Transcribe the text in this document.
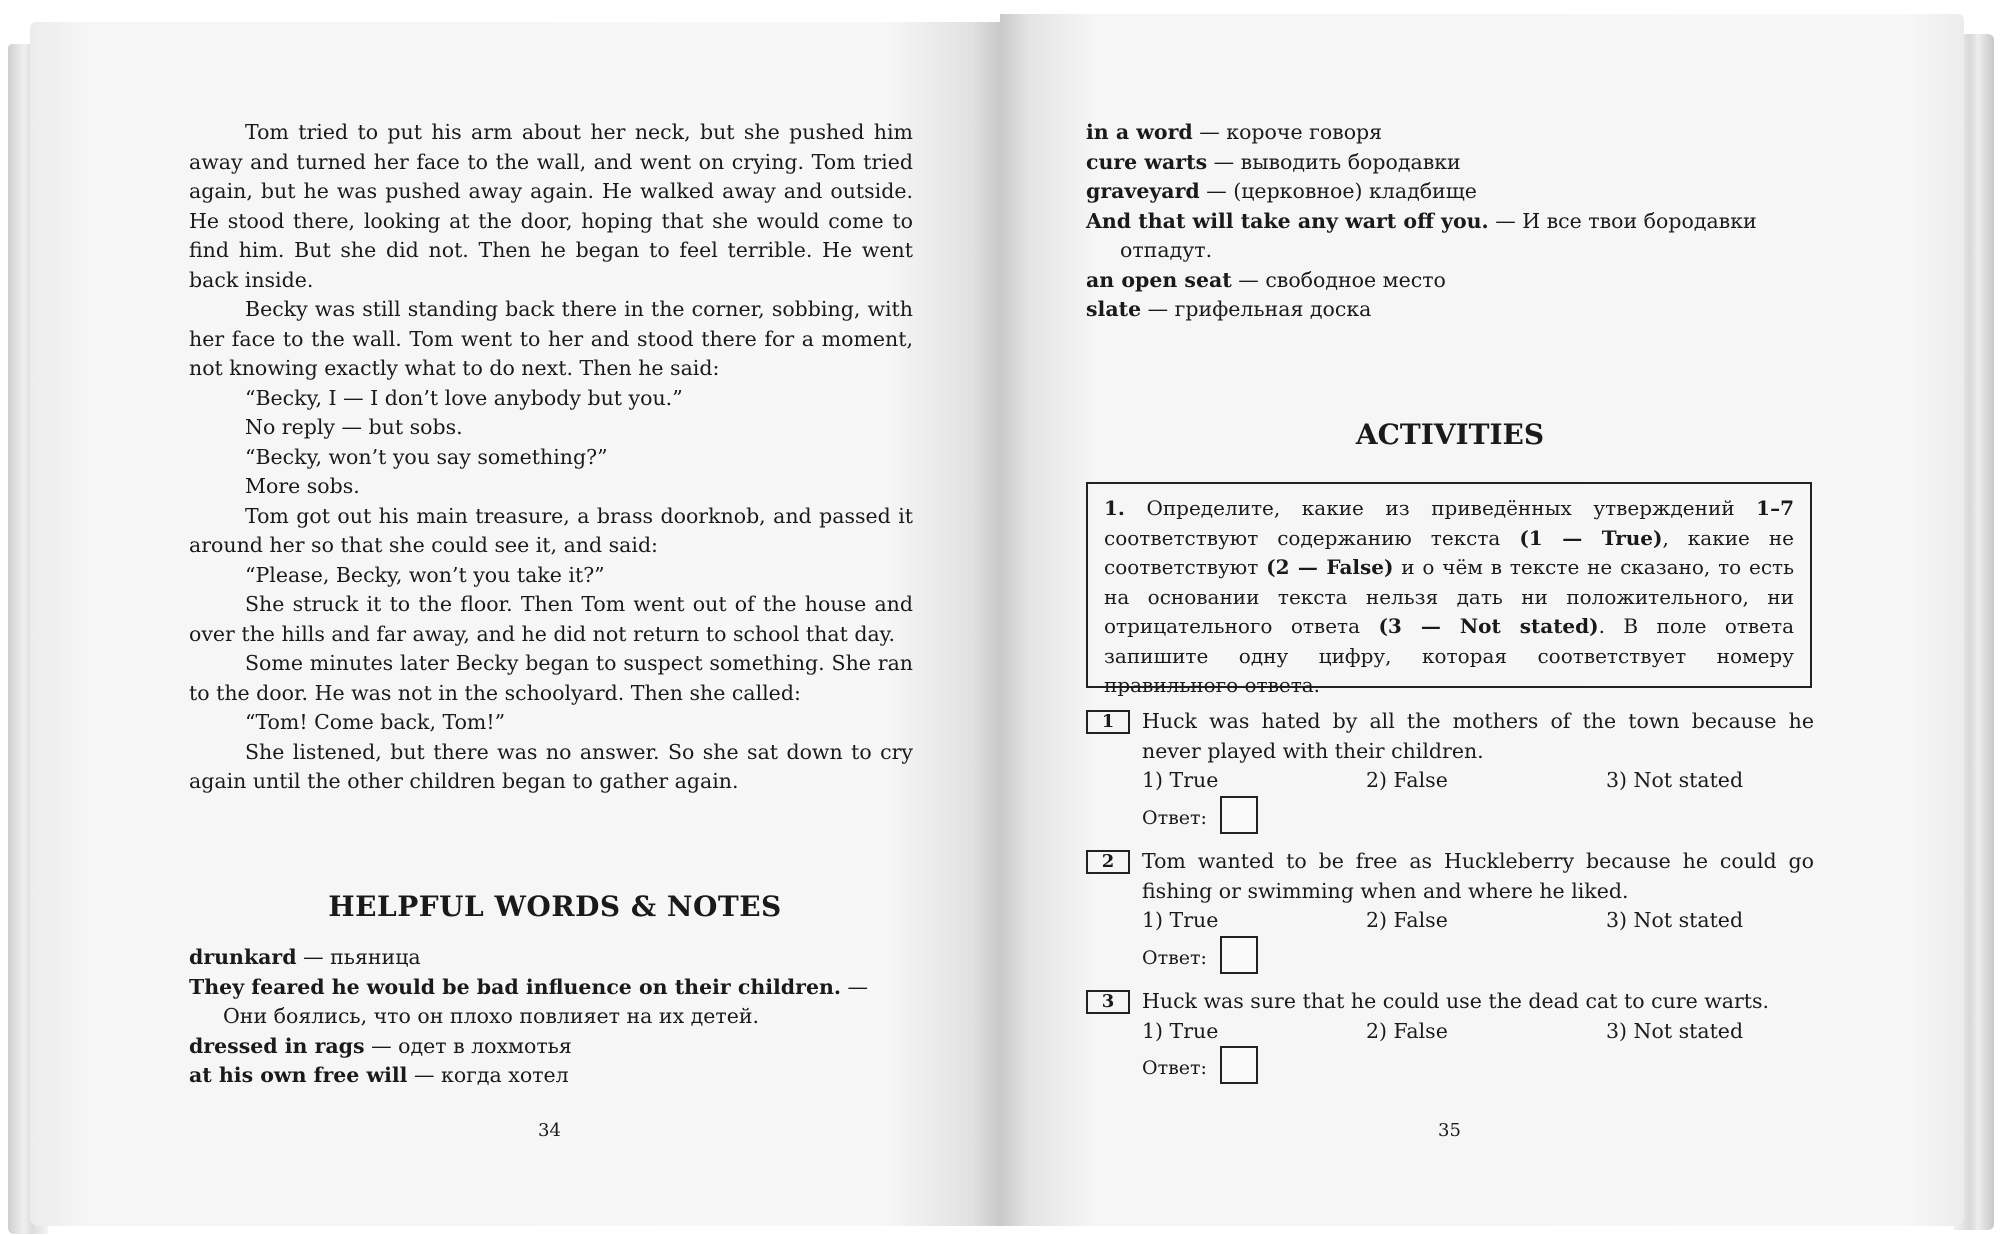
Tom tried to put his arm about her neck, but she pushed him away and turned her face to the wall, and went on crying. Tom tried again, but he was pushed away again. He walked away and outside. He stood there, looking at the door, hoping that she would come to find him. But she did not. Then he began to feel terrible. He went back inside.

Becky was still standing back there in the corner, sobbing, with her face to the wall. Tom went to her and stood there for a moment, not knowing exactly what to do next. Then he said:

“Becky, I — I don’t love anybody but you.”

No reply — but sobs.

“Becky, won’t you say something?”

More sobs.

Tom got out his main treasure, a brass doorknob, and passed it around her so that she could see it, and said:

“Please, Becky, won’t you take it?”

She struck it to the floor. Then Tom went out of the house and over the hills and far away, and he did not return to school that day.

Some minutes later Becky began to suspect something. She ran to the door. He was not in the schoolyard. Then she called:

“Tom! Come back, Tom!”

She listened, but there was no answer. So she sat down to cry again until the other children began to gather again.

HELPFUL WORDS & NOTES

drunkard — пьяница

They feared he would be bad influence on their children. — Они боялись, что он плохо повлияет на их детей.

dressed in rags — одет в лохмотья

at his own free will — когда хотел

34

in a word — короче говоря

cure warts — выводить бородавки

graveyard — (церковное) кладбище

And that will take any wart off you. — И все твои бородавки отпадут.

an open seat — свободное место

slate — грифельная доска

ACTIVITIES
1. Определите, какие из приведённых утверждений 1–7 соответствуют содержанию текста (1 — True), какие не соответствуют (2 — False) и о чём в тексте не сказано, то есть на основании текста нельзя дать ни положительного, ни отрицательного ответа (3 — Not stated). В поле ответа запишите одну цифру, которая соответствует номеру правильного ответа.
1	Huck was hated by all the mothers of the town because he never played with their children.

1) True	2) False	3) Not stated
Ответ:
2	Tom wanted to be free as Huckleberry because he could go fishing or swimming when and where he liked.

1) True	2) False	3) Not stated
Ответ:
3	Huck was sure that he could use the dead cat to cure warts.

1) True	2) False	3) Not stated
Ответ:
35
